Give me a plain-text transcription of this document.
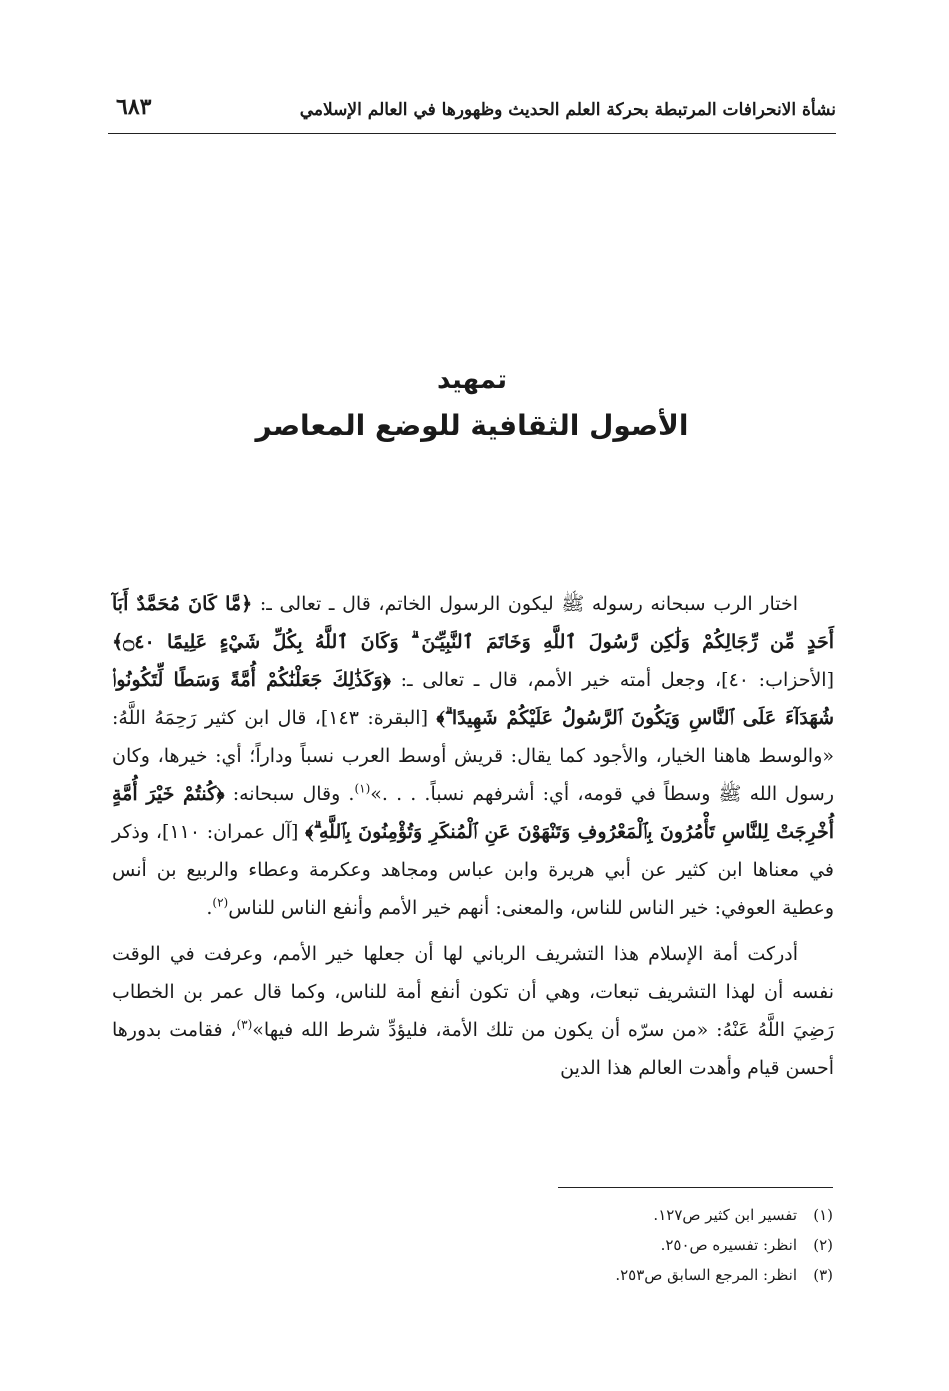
نشأة الانحرافات المرتبطة بحركة العلم الحديث وظهورها في العالم الإسلامي
٦٨٣
تمهيد
الأصول الثقافية للوضع المعاصر

اختار الرب سبحانه رسوله ﷺ ليكون الرسول الخاتم، قال ـ تعالى ـ: ﴿مَّا كَانَ مُحَمَّدٌ أَبَآ أَحَدٍ مِّن رِّجَالِكُمْ وَلَٰكِن رَّسُولَ ٱللَّهِ وَخَاتَمَ ٱلنَّبِيِّـۧنَ ۗ وَكَانَ ٱللَّهُ بِكُلِّ شَيْءٍ عَلِيمًا ۝٤٠﴾ [الأحزاب: ٤٠]، وجعل أمته خير الأمم، قال ـ تعالى ـ: ﴿وَكَذَٰلِكَ جَعَلْنَٰكُمْ أُمَّةً وَسَطًا لِّتَكُونُوا۟ شُهَدَآءَ عَلَى ٱلنَّاسِ وَيَكُونَ ٱلرَّسُولُ عَلَيْكُمْ شَهِيدًا ۗ﴾ [البقرة: ١٤٣]، قال ابن كثير رَحِمَهُ اللَّهُ: «والوسط هاهنا الخيار، والأجود كما يقال: قريش أوسط العرب نسباً وداراً؛ أي: خيرها، وكان رسول الله ﷺ وسطاً في قومه، أي: أشرفهم نسباً. . . .»$^{(١)}$. وقال سبحانه: ﴿كُنتُمْ خَيْرَ أُمَّةٍ أُخْرِجَتْ لِلنَّاسِ تَأْمُرُونَ بِٱلْمَعْرُوفِ وَتَنْهَوْنَ عَنِ ٱلْمُنكَرِ وَتُؤْمِنُونَ بِٱللَّهِ ۗ﴾ [آل عمران: ١١٠]، وذكر في معناها ابن كثير عن أبي هريرة وابن عباس ومجاهد وعكرمة وعطاء والربيع بن أنس وعطية العوفي: خير الناس للناس، والمعنى: أنهم خير الأمم وأنفع الناس للناس$^{(٢)}$.

أدركت أمة الإسلام هذا التشريف الرباني لها أن جعلها خير الأمم، وعرفت في الوقت نفسه أن لهذا التشريف تبعات، وهي أن تكون أنفع أمة للناس، وكما قال عمر بن الخطاب رَضِيَ اللَّهُ عَنْهُ: «من سرّه أن يكون من تلك الأمة، فليؤدِّ شرط الله فيها»$^{(٣)}$، فقامت بدورها أحسن قيام وأهدت العالم هذا الدين

(١)تفسير ابن كثير ص١٢٧.

(٢)انظر: تفسيره ص٢٥٠.

(٣)انظر: المرجع السابق ص٢٥٣.
